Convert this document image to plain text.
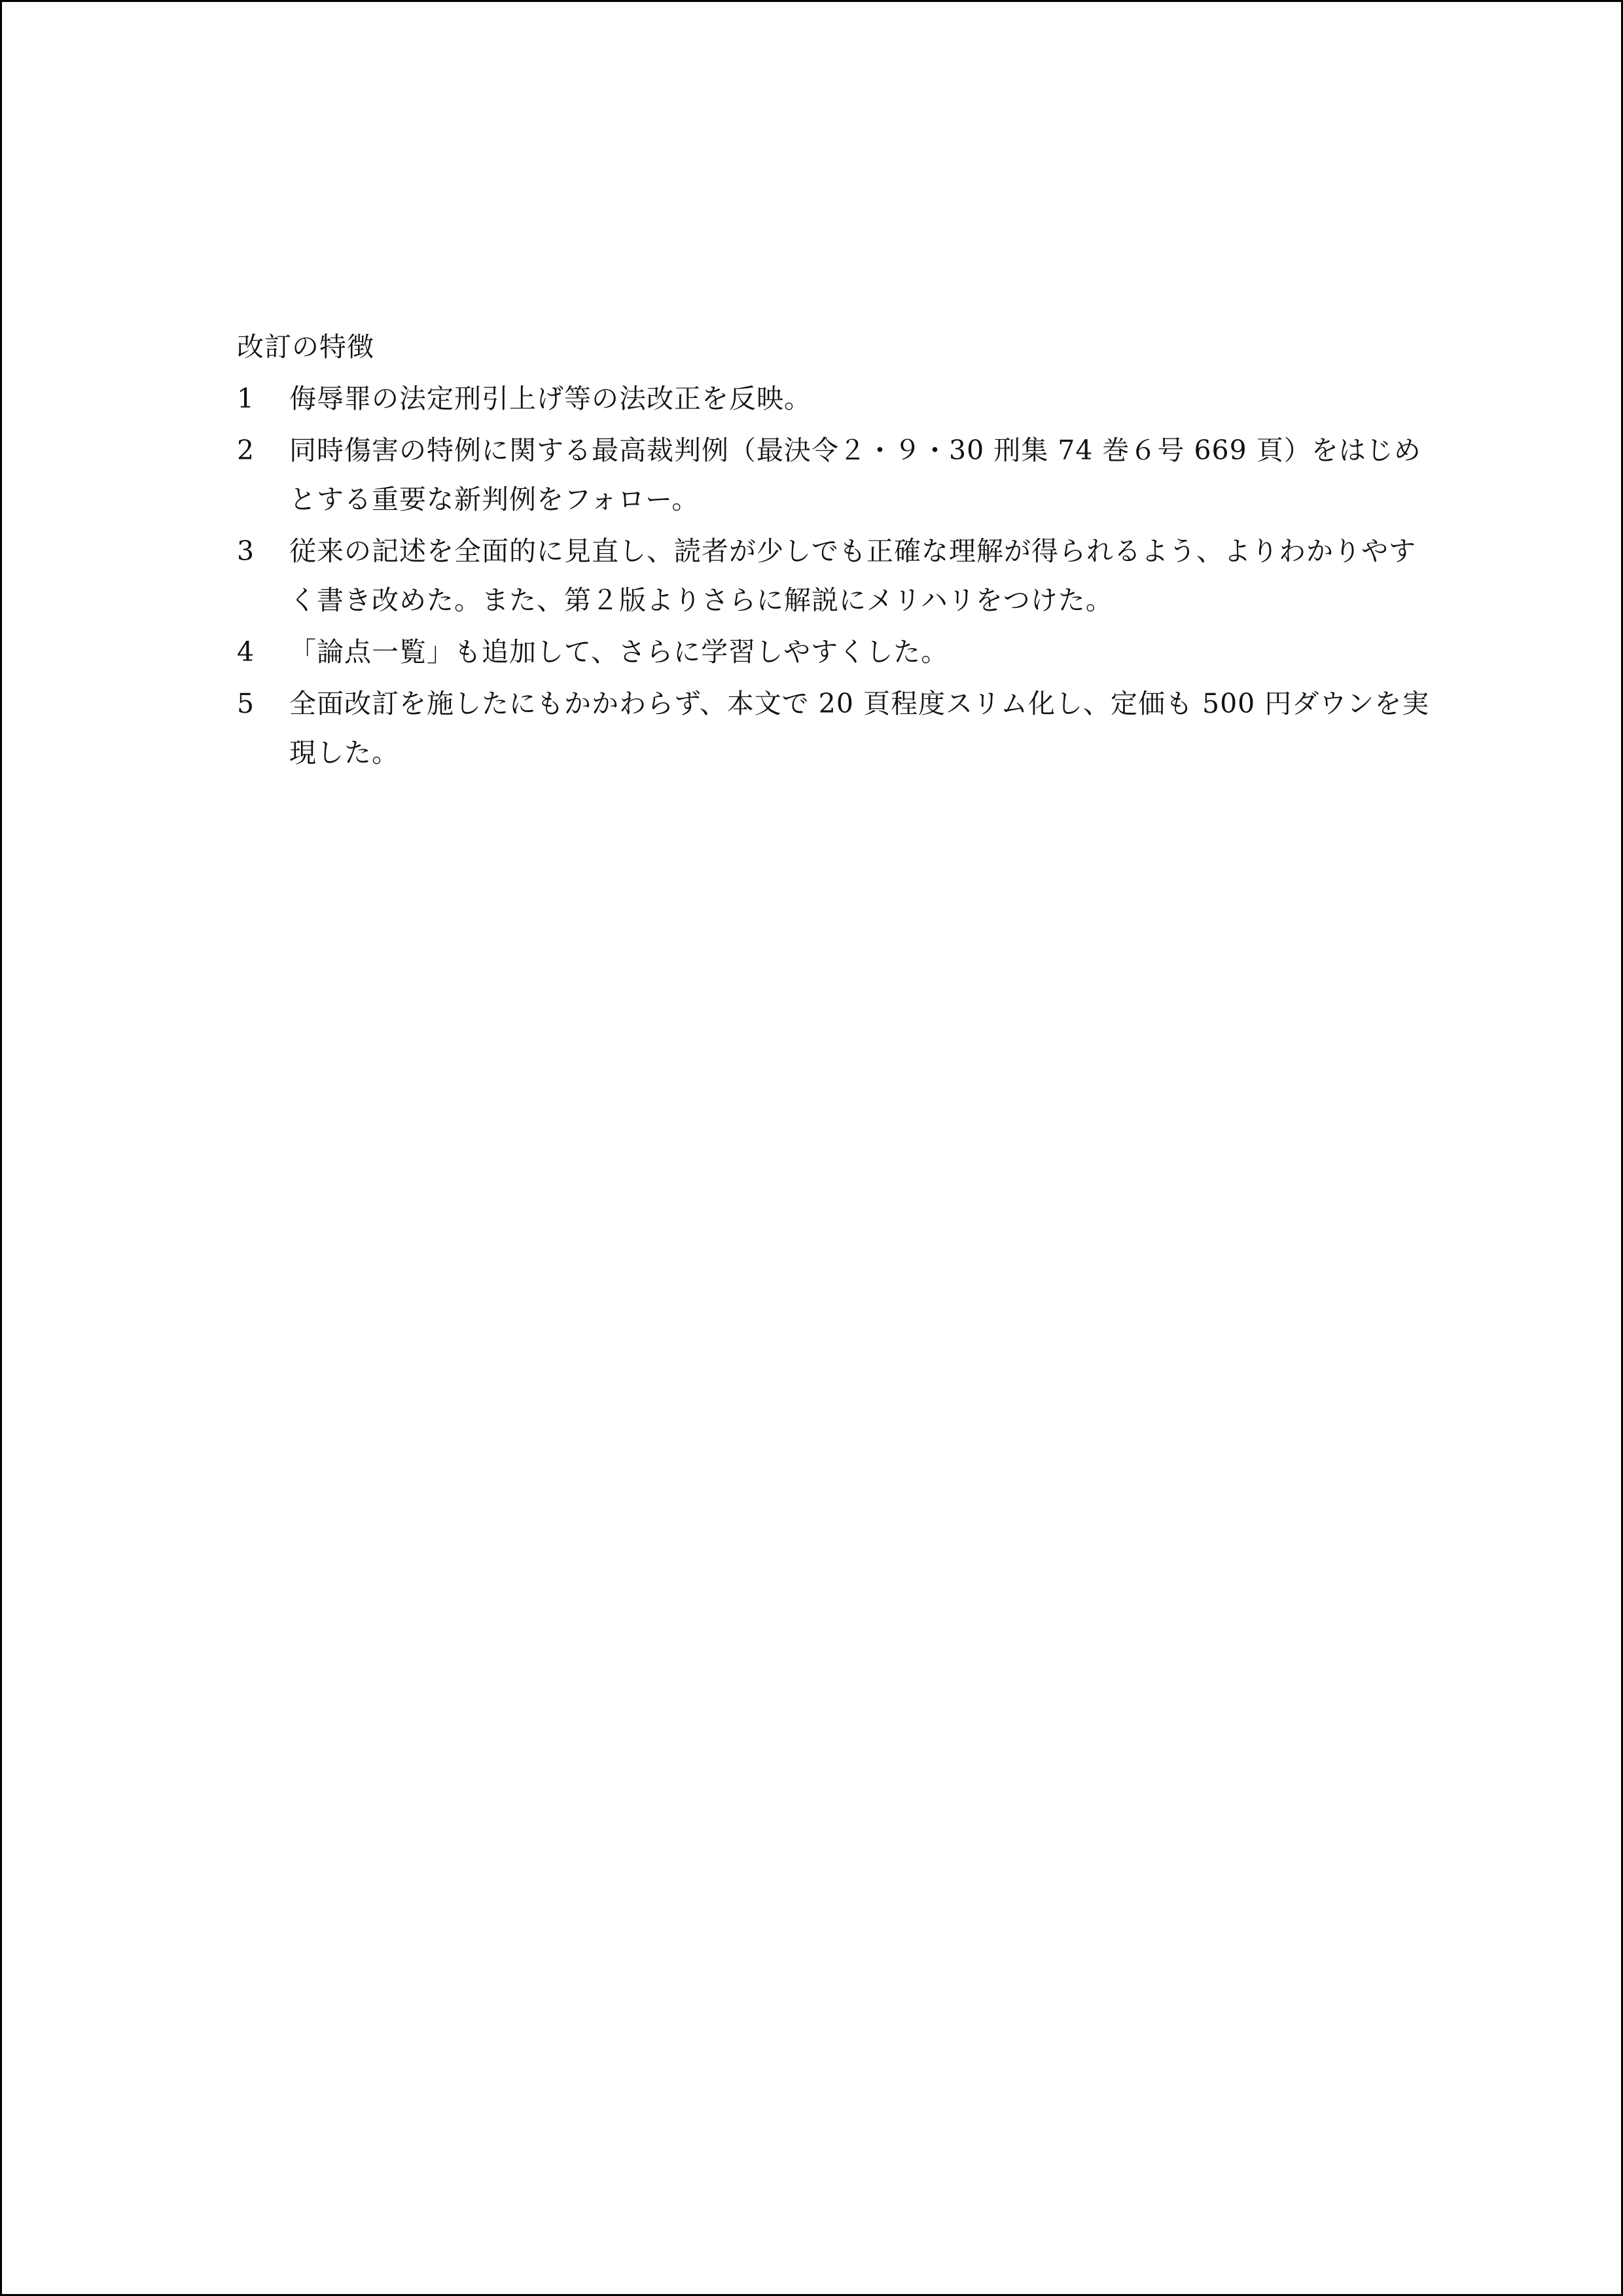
改訂の特徴
1	侮辱罪の法定刑引上げ等の法改正を反映。
2	同時傷害の特例に関する最高裁判例（最決令２・９・30 刑集 74 巻６号 669 頁）をはじめとする重要な新判例をフォロー。
3	従来の記述を全面的に見直し、読者が少しでも正確な理解が得られるよう、よりわかりやすく書き改めた。また、第２版よりさらに解説にメリハリをつけた。
4	「論点一覧」も追加して、さらに学習しやすくした。
5	全面改訂を施したにもかかわらず、本文で 20 頁程度スリム化し、定価も 500 円ダウンを実現した。
